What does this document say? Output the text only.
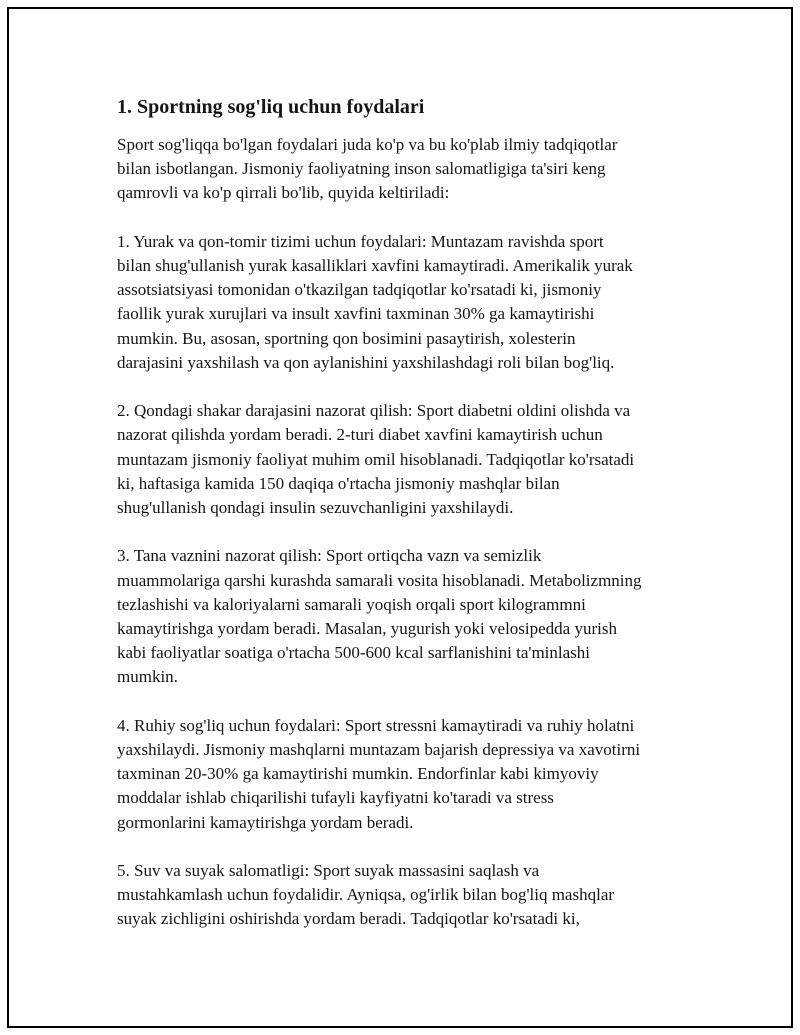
1. Sportning sog'liq uchun foydalari
Sport sog'liqqa bo'lgan foydalari juda ko'p va bu ko'plab ilmiy tadqiqotlar
bilan isbotlangan. Jismoniy faoliyatning inson salomatligiga ta'siri keng
qamrovli va ko'p qirrali bo'lib, quyida keltiriladi:
1. Yurak va qon-tomir tizimi uchun foydalari: Muntazam ravishda sport
bilan shug'ullanish yurak kasalliklari xavfini kamaytiradi. Amerikalik yurak
assotsiatsiyasi tomonidan o'tkazilgan tadqiqotlar ko'rsatadi ki, jismoniy
faollik yurak xurujlari va insult xavfini taxminan 30% ga kamaytirishi
mumkin. Bu, asosan, sportning qon bosimini pasaytirish, xolesterin
darajasini yaxshilash va qon aylanishini yaxshilashdagi roli bilan bog'liq.
2. Qondagi shakar darajasini nazorat qilish: Sport diabetni oldini olishda va
nazorat qilishda yordam beradi. 2-turi diabet xavfini kamaytirish uchun
muntazam jismoniy faoliyat muhim omil hisoblanadi. Tadqiqotlar ko'rsatadi
ki, haftasiga kamida 150 daqiqa o'rtacha jismoniy mashqlar bilan
shug'ullanish qondagi insulin sezuvchanligini yaxshilaydi.
3. Tana vaznini nazorat qilish: Sport ortiqcha vazn va semizlik
muammolariga qarshi kurashda samarali vosita hisoblanadi. Metabolizmning
tezlashishi va kaloriyalarni samarali yoqish orqali sport kilogrammni
kamaytirishga yordam beradi. Masalan, yugurish yoki velosipedda yurish
kabi faoliyatlar soatiga o'rtacha 500-600 kcal sarflanishini ta'minlashi
mumkin.
4. Ruhiy sog'liq uchun foydalari: Sport stressni kamaytiradi va ruhiy holatni
yaxshilaydi. Jismoniy mashqlarni muntazam bajarish depressiya va xavotirni
taxminan 20-30% ga kamaytirishi mumkin. Endorfinlar kabi kimyoviy
moddalar ishlab chiqarilishi tufayli kayfiyatni ko'taradi va stress
gormonlarini kamaytirishga yordam beradi.
5. Suv va suyak salomatligi: Sport suyak massasini saqlash va
mustahkamlash uchun foydalidir. Ayniqsa, og'irlik bilan bog'liq mashqlar
suyak zichligini oshirishda yordam beradi. Tadqiqotlar ko'rsatadi ki,
